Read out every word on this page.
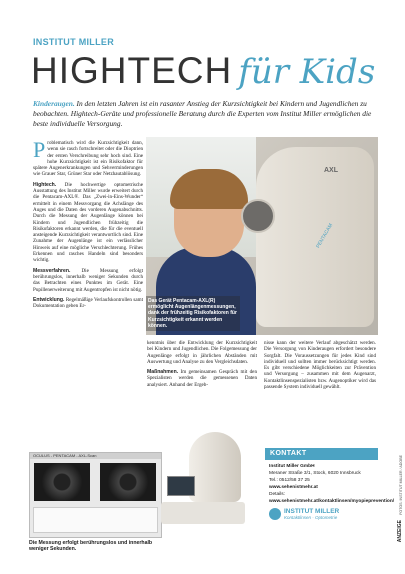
INSTITUT MILLER
HIGHTECH für Kids
Kinderaugen. In den letzten Jahren ist ein rasanter Anstieg der Kurzsichtigkeit bei Kindern und Jugendlichen zu beobachten. Hightech-Geräte und professionelle Beratung durch die Experten vom Institut Miller ermöglichen die beste individuelle Versorgung.
Problematisch wird die Kurzsichtigkeit dann, wenn sie rasch fortschreitet oder die Dioptrien der ersten Verschreibung sehr hoch sind. Eine hohe Kurzsichtigkeit ist ein Risikofaktor für spätere Augenerkrankungen und Sehverminderungen wie Grauer Star, Grüner Star oder Netzhautablösung.
Hightech. Die hochwertige optometrische Ausstattung des Institut Miller wurde erweitert durch die Pentacam-AXL®. Das „Zwei-in-Eins-Wunder“ ermittelt in einem Messvorgang die Achslänge des Auges und die Daten des vorderen Augenabschnitts. Durch die Messung der Augenlänge können bei Kindern und Jugendlichen frühzeitig die Risikofaktoren erkannt werden, die für die eventuell ansteigende Kurzsichtigkeit verantwortlich sind. Eine Zunahme der Augenlänge ist ein verlässlicher Hinweis auf eine mögliche Verschlechterung. Frühes Erkennen und rasches Handeln sind besonders wichtig.
Messverfahren. Die Messung erfolgt berührungslos, innerhalb weniger Sekunden durch das Betrachten eines Punktes im Gerät. Eine Pupillenerweiterung mit Augentropfen ist nicht nötig.
Entwicklung. Regelmäßige Verlaufskontrollen samt Dokumentation geben Er-
AXL
PENTACAM
Das Gerät Pentacam-AXL(R) ermöglicht Augenlängenmessungen, dank der frühzeitig Risikofaktoren für Kurzsichtigkeit erkannt werden können.
kenntnis über die Entwicklung der Kurzsichtigkeit bei Kindern und Jugendlichen. Die Folgemessung der Augenlänge erfolgt in jährlichen Abständen mit Auswertung und Analyse zu den Vergleichsdaten.
Maßnahmen. Im gemeinsamen Gespräch mit den Spezialisten werden die gemessenen Daten analysiert. Anhand der Ergeb-
nisse kann der weitere Verlauf abgeschätzt werden. Die Versorgung von Kinderaugen erfordert besondere Sorgfalt. Die Voraussetzungen für jedes Kind sind individuell und sollten immer berücksichtigt werden. Es gibt verschiedene Möglichkeiten zur Prävention und Versorgung – zusammen mit dem Augenarzt, Kontaktlinsenspezialisten bzw. Augenoptiker wird das passende System individuell gewählt.
OCULUS - PENTACAM - AXL-Scan
Die Messung erfolgt berührungslos und innerhalb weniger Sekunden.
KONTAKT
Institut Miller GmbH
Meraner Straße 3/1, Stock, 6020 Innsbruck
Tel.: 0512/58 37 25
www.sehenistmehr.at
Details: www.sehenistmehr.at/kontaktlinsen/myopieprevention/
INSTITUT MILLER
Kontaktlinsen · Optometrie
ANZEIGE
FOTOS: INSTITUT MILLER / ADOBE
